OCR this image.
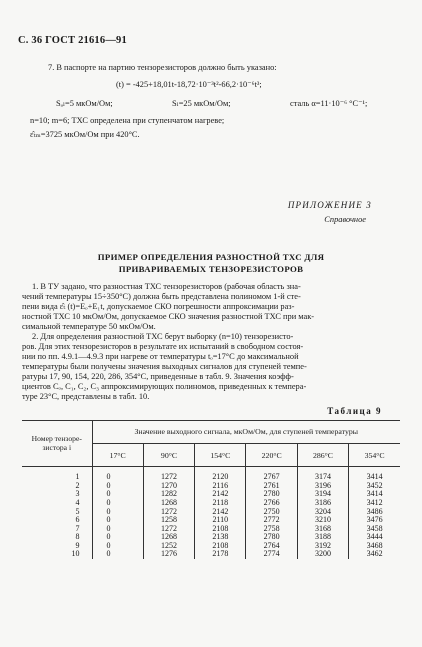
С. 36 ГОСТ 21616—91
7. В паспорте на партию тензорезисторов должно быть указано:
(t) = -425+18,01t-18,72·10⁻³t²-66,2·10⁻⁶t³;
Sₐₗ=5 мкОм/Ом;	Sₗ=25 мкОм/Ом;	сталь α=11·10⁻⁶ °C⁻¹;
n=10; m=6; ТХС определена при ступенчатом нагреве;
ε̂ₜₘ=3725 мкОм/Ом при 420°С.
ПРИЛОЖЕНИЕ 3
Справочное
ПРИМЕР ОПРЕДЕЛЕНИЯ РАЗНОСТНОЙ ТХС ДЛЯ
ПРИВАРИВАЕМЫХ ТЕНЗОРЕЗИСТОРОВ
1. В ТУ задано, что разностная ТХС тензорезисторов (рабочая область зна-
чений температуры 15÷350°С) должна быть представлена полиномом 1-й сте-
пени вида ε̂ₜ (t)=Eₒ+E₁t, допускаемое СКО погрешности аппроксимации раз-
ностной ТХС 10 мкОм/Ом, допускаемое СКО значения разностной ТХС при мак-
симальной температуре 50 мкОм/Ом.
2. Для определения разностной ТХС берут выборку (n=10) тензорезисто-
ров. Для этих тензорезисторов в результате их испытаний в свободном состоя-
нии по пп. 4.9.1—4.9.3 при нагреве от температуры tₒ=17°С до максимальной
температуры были получены значения выходных сигналов для ступеней темпе-
ратуры 17, 90, 154, 220, 286, 354°С, приведенные в табл. 9. Значения коэфф-
циентов Cₒ, C₁, C₂, C₃ аппроксимирующих полиномов, приведенных к темпера-
туре 23°С, представлены в табл. 10.
Таблица 9
Номер тензоре- зистора i	Значение выходного сигнала, мкОм/Ом, для ступеней температуры					
	17°С	90°С	154°С	220°С	286°С	354°С
1	0	1272	2120	2767	3174	3414
2	0	1270	2116	2761	3196	3452
3	0	1282	2142	2780	3194	3414
4	0	1268	2118	2766	3186	3412
5	0	1272	2142	2750	3204	3486
6	0	1258	2110	2772	3210	3476
7	0	1272	2108	2758	3168	3458
8	0	1268	2138	2780	3188	3444
9	0	1252	2108	2764	3192	3468
10	0	1276	2178	2774	3200	3462
